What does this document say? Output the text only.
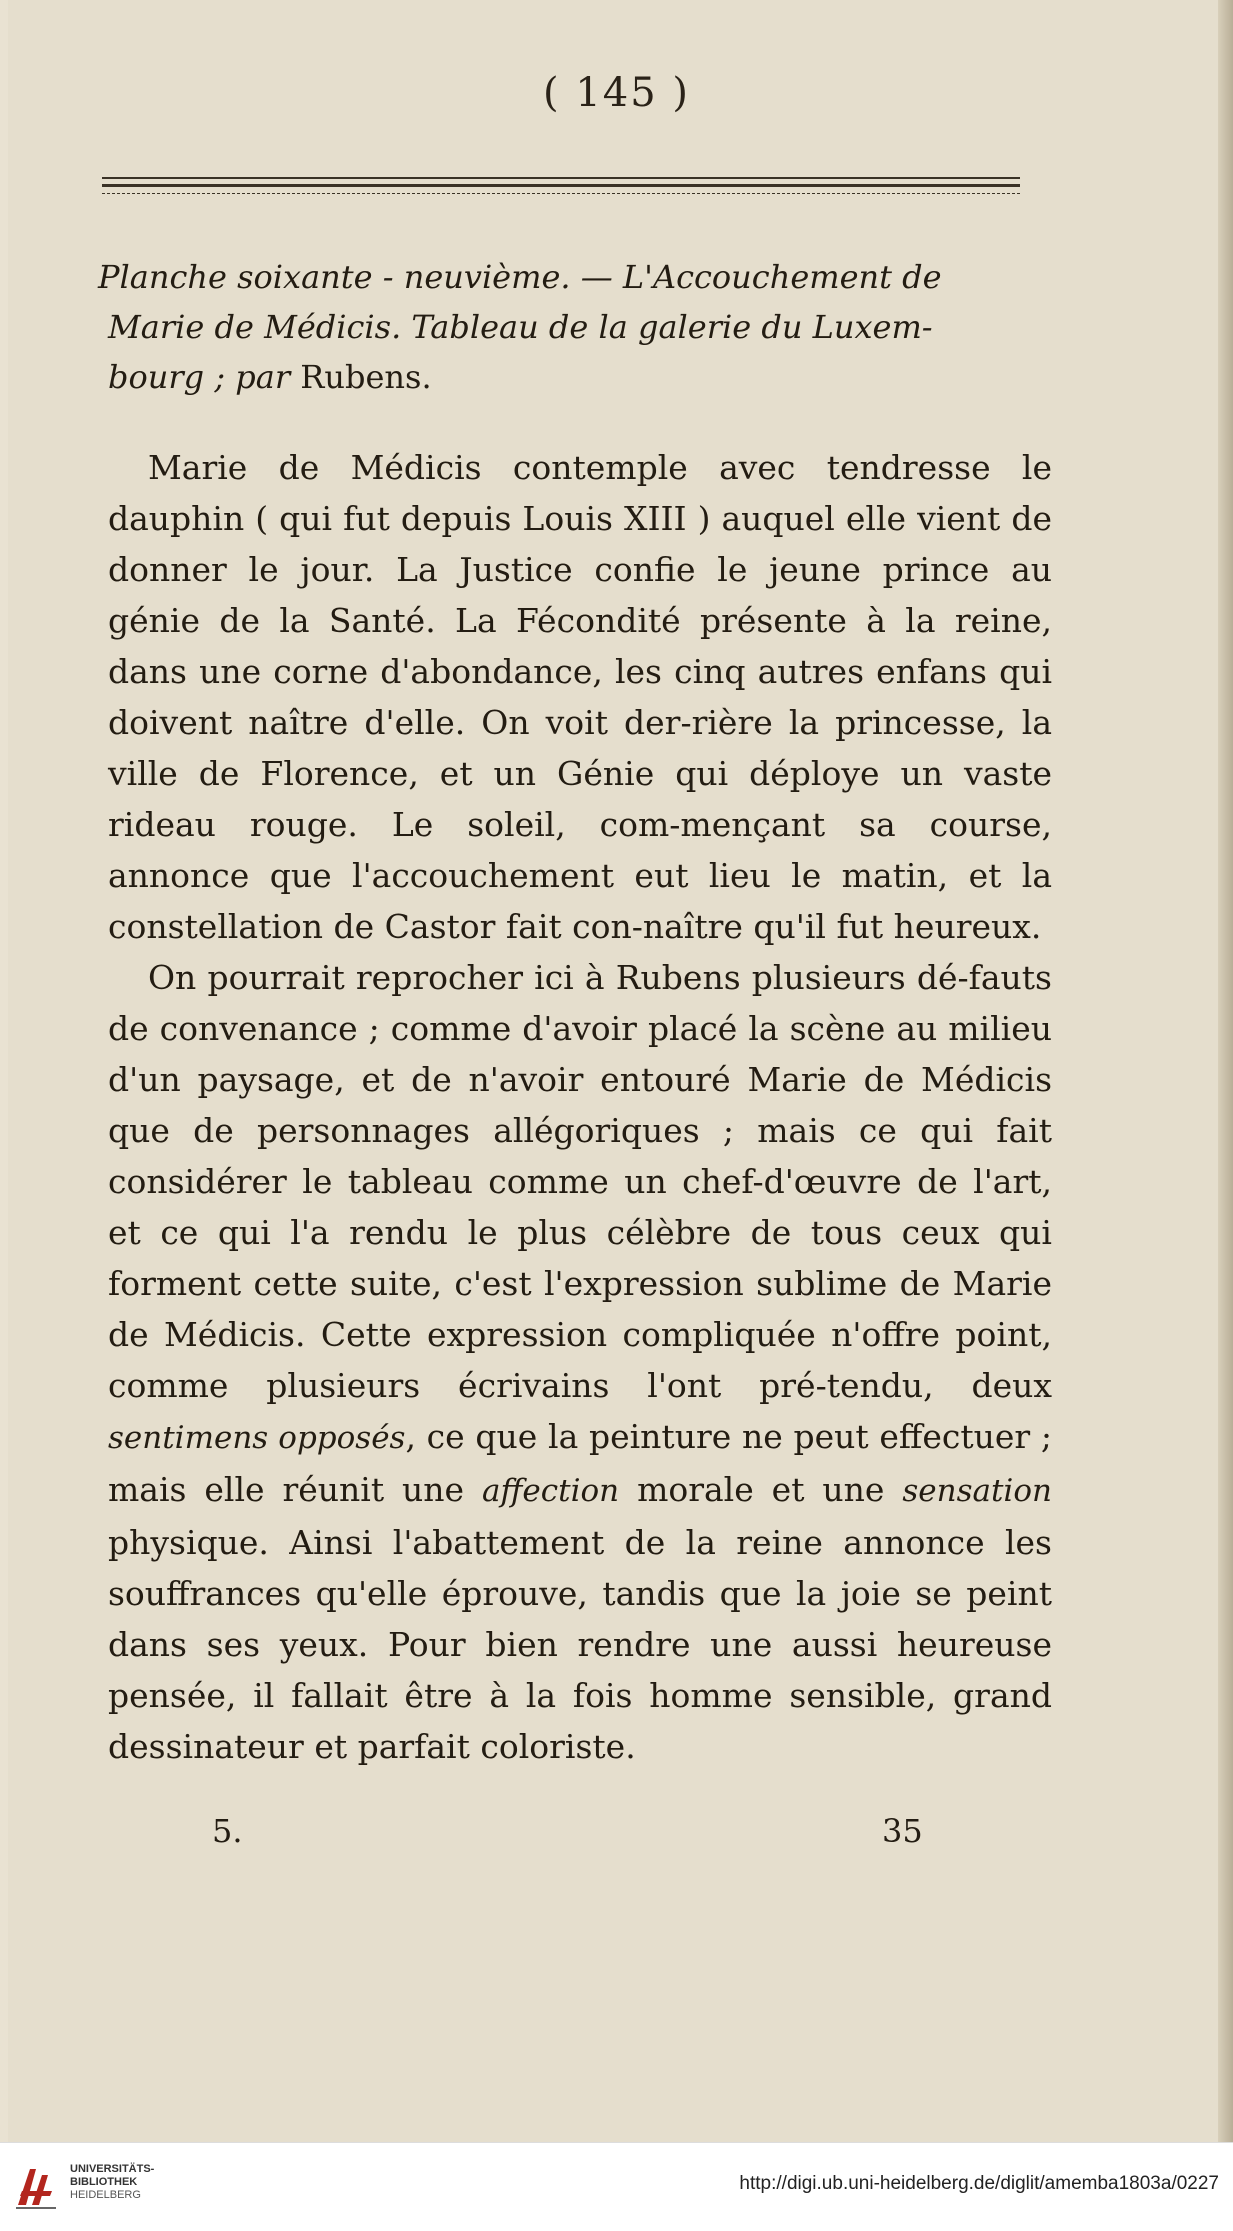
( 145 )

Planche soixante - neuvième. — L'Accouchement de
Marie de Médicis. Tableau de la galerie du Luxem-
bourg ; par Rubens.

Marie de Médicis contemple avec tendresse le dauphin ( qui fut depuis Louis XIII ) auquel elle vient de donner le jour. La Justice confie le jeune prince au génie de la Santé. La Fécondité présente à la reine, dans une corne d'abondance, les cinq autres enfans qui doivent naître d'elle. On voit der-rière la princesse, la ville de Florence, et un Génie qui déploye un vaste rideau rouge. Le soleil, com-mençant sa course, annonce que l'accouchement eut lieu le matin, et la constellation de Castor fait con-naître qu'il fut heureux.

On pourrait reprocher ici à Rubens plusieurs dé-fauts de convenance ; comme d'avoir placé la scène au milieu d'un paysage, et de n'avoir entouré Marie de Médicis que de personnages allégoriques ; mais ce qui fait considérer le tableau comme un chef-d'œuvre de l'art, et ce qui l'a rendu le plus célèbre de tous ceux qui forment cette suite, c'est l'expression sublime de Marie de Médicis. Cette expression compliquée n'offre point, comme plusieurs écrivains l'ont pré-tendu, deux sentimens opposés, ce que la peinture ne peut effectuer ; mais elle réunit une affection morale et une sensation physique. Ainsi l'abattement de la reine annonce les souffrances qu'elle éprouve, tandis que la joie se peint dans ses yeux. Pour bien rendre une aussi heureuse pensée, il fallait être à la fois homme sensible, grand dessinateur et parfait coloriste.

5.	35
UNIVERSITÄTS-
BIBLIOTHEK
HEIDELBERG
http://digi.ub.uni-heidelberg.de/diglit/amemba1803a/0227
